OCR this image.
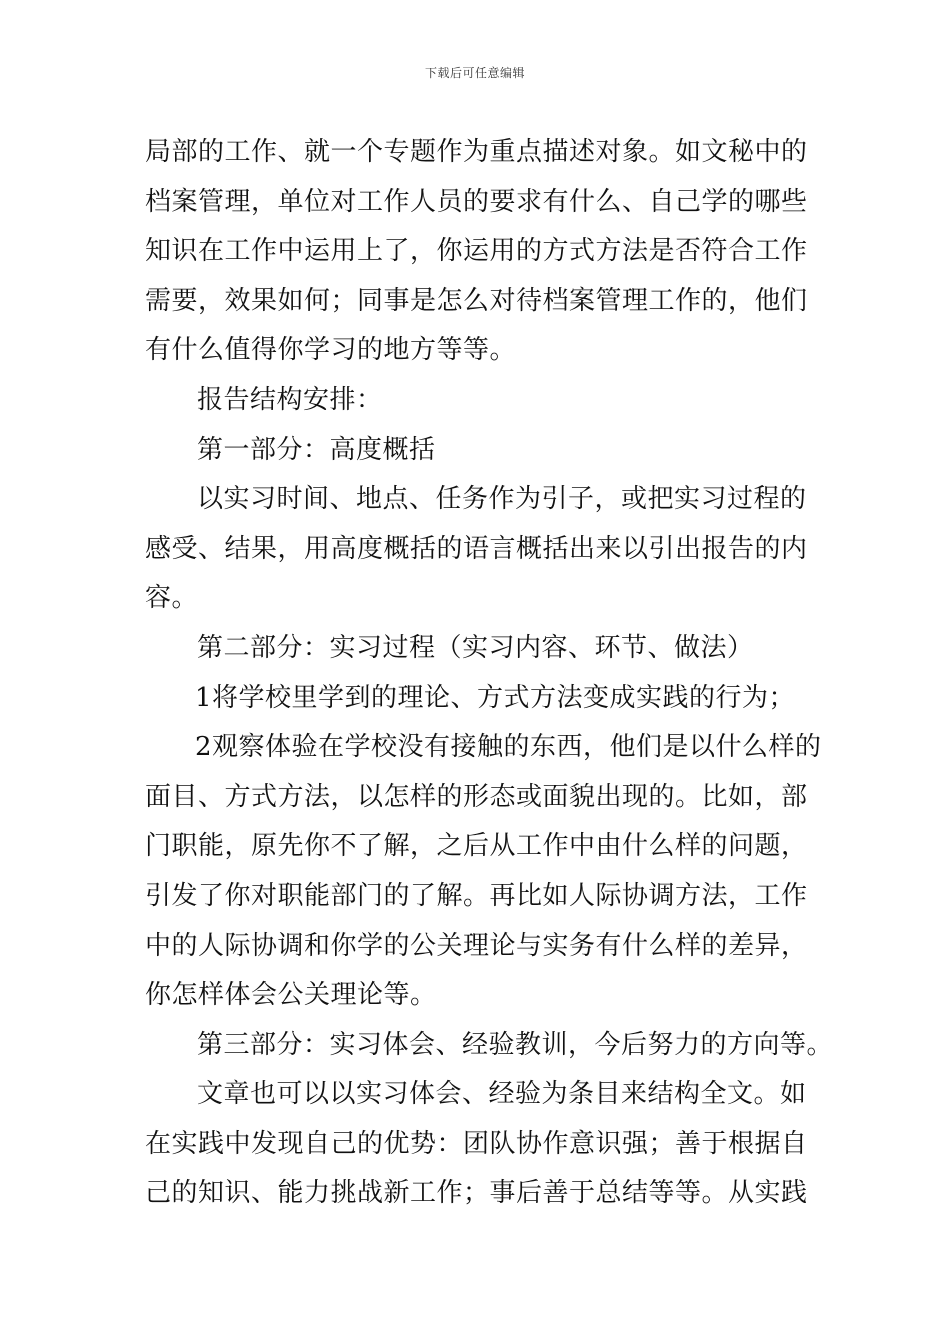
下载后可任意编辑
局部的工作、就一个专题作为重点描述对象。如文秘中的
档案管理，单位对工作人员的要求有什么、自己学的哪些
知识在工作中运用上了，你运用的方式方法是否符合工作
需要，效果如何；同事是怎么对待档案管理工作的，他们
有什么值得你学习的地方等等。
报告结构安排：
第一部分：高度概括
以实习时间、地点、任务作为引子，或把实习过程的
感受、结果，用高度概括的语言概括出来以引出报告的内
容。
第二部分：实习过程（实习内容、环节、做法）
1将学校里学到的理论、方式方法变成实践的行为；
2观察体验在学校没有接触的东西，他们是以什么样的
面目、方式方法，以怎样的形态或面貌出现的。比如，部
门职能，原先你不了解，之后从工作中由什么样的问题，
引发了你对职能部门的了解。再比如人际协调方法，工作
中的人际协调和你学的公关理论与实务有什么样的差异，
你怎样体会公关理论等。
第三部分：实习体会、经验教训，今后努力的方向等。
文章也可以以实习体会、经验为条目来结构全文。如
在实践中发现自己的优势：团队协作意识强；善于根据自
己的知识、能力挑战新工作；事后善于总结等等。从实践
